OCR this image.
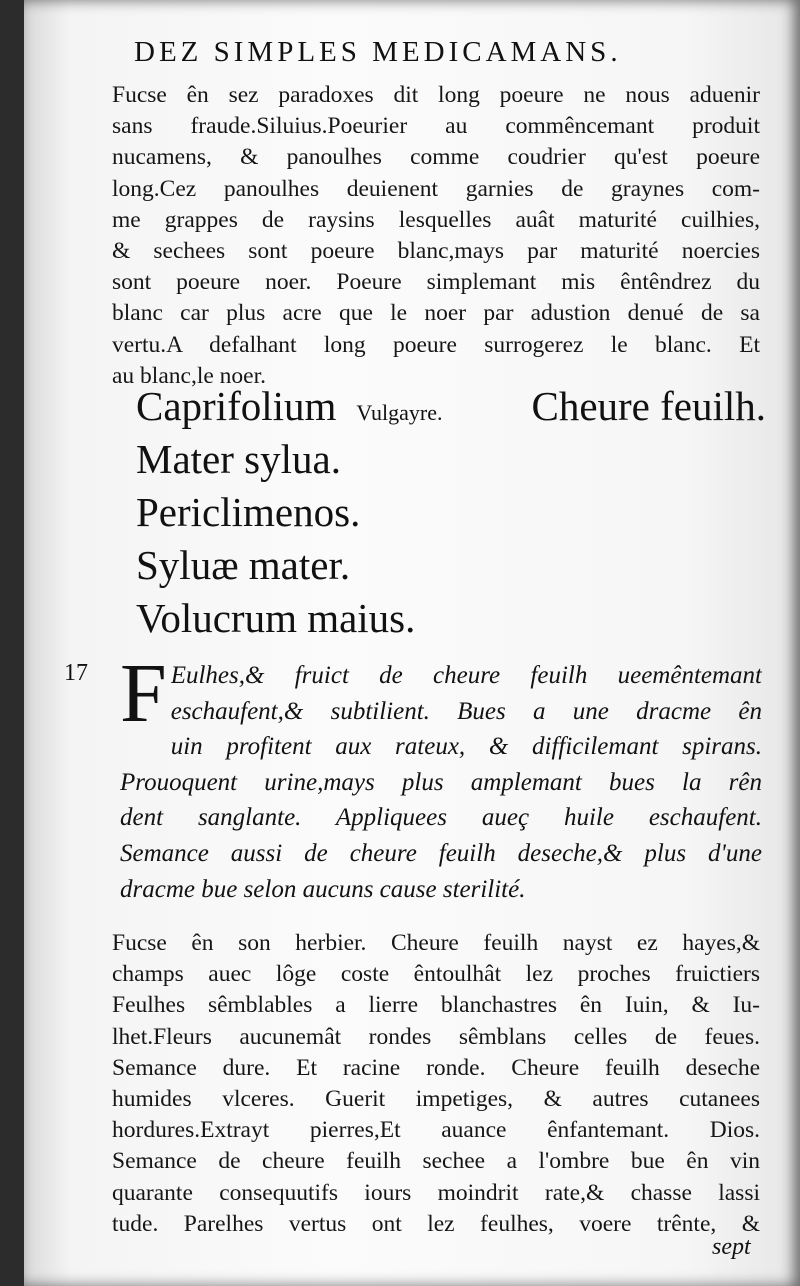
DEZ SIMPLES MEDICAMANS.
Fucse ên sez paradoxes dit long poeure ne nous aduenir
sans fraude.Siluius.Poeurier au commêncemant produit
nucamens, & panoulhes comme coudrier qu'est poeure
long.Cez panoulhes deuienent garnies de graynes com-
me grappes de raysins lesquelles auât maturité cuilhies,
& sechees sont poeure blanc,mays par maturité noercies
sont poeure noer. Poeure simplemant mis êntêndrez du
blanc car plus acre que le noer par adustion denué de sa
vertu.A defalhant long poeure surrogerez le blanc. Et
au blanc,le noer.
Caprifolium Vulgayre. Cheure feuilh.
Mater sylua.
Periclimenos.
Syluæ mater.
Volucrum maius.
17 F Eulhes,& fruict de cheure feuilh ueemêntemant
eschaufent,& subtilient. Bues a une dracme ên
uin profitent aux rateux, & difficilemant spirans.
Prouoquent urine,mays plus amplemant bues la rên
dent sanglante. Appliquees aueç huile eschaufent.
Semance aussi de cheure feuilh deseche,& plus d'une
dracme bue selon aucuns cause sterilité.
Fucse ên son herbier. Cheure feuilh nayst ez hayes,&
champs auec lôge coste êntoulhât lez proches fruictiers
Feulhes sêmblables a lierre blanchastres ên Iuin, & Iu-
lhet.Fleurs aucunemât rondes sêmblans celles de feues.
Semance dure. Et racine ronde. Cheure feuilh deseche
humides vlceres. Guerit impetiges, & autres cutanees
hordures.Extrayt pierres,Et auance ênfantemant. Dios.
Semance de cheure feuilh sechee a l'ombre bue ên vin
quarante consequutifs iours moindrit rate,& chasse lassi
tude. Parelhes vertus ont lez feulhes, voere trênte, &
sept
